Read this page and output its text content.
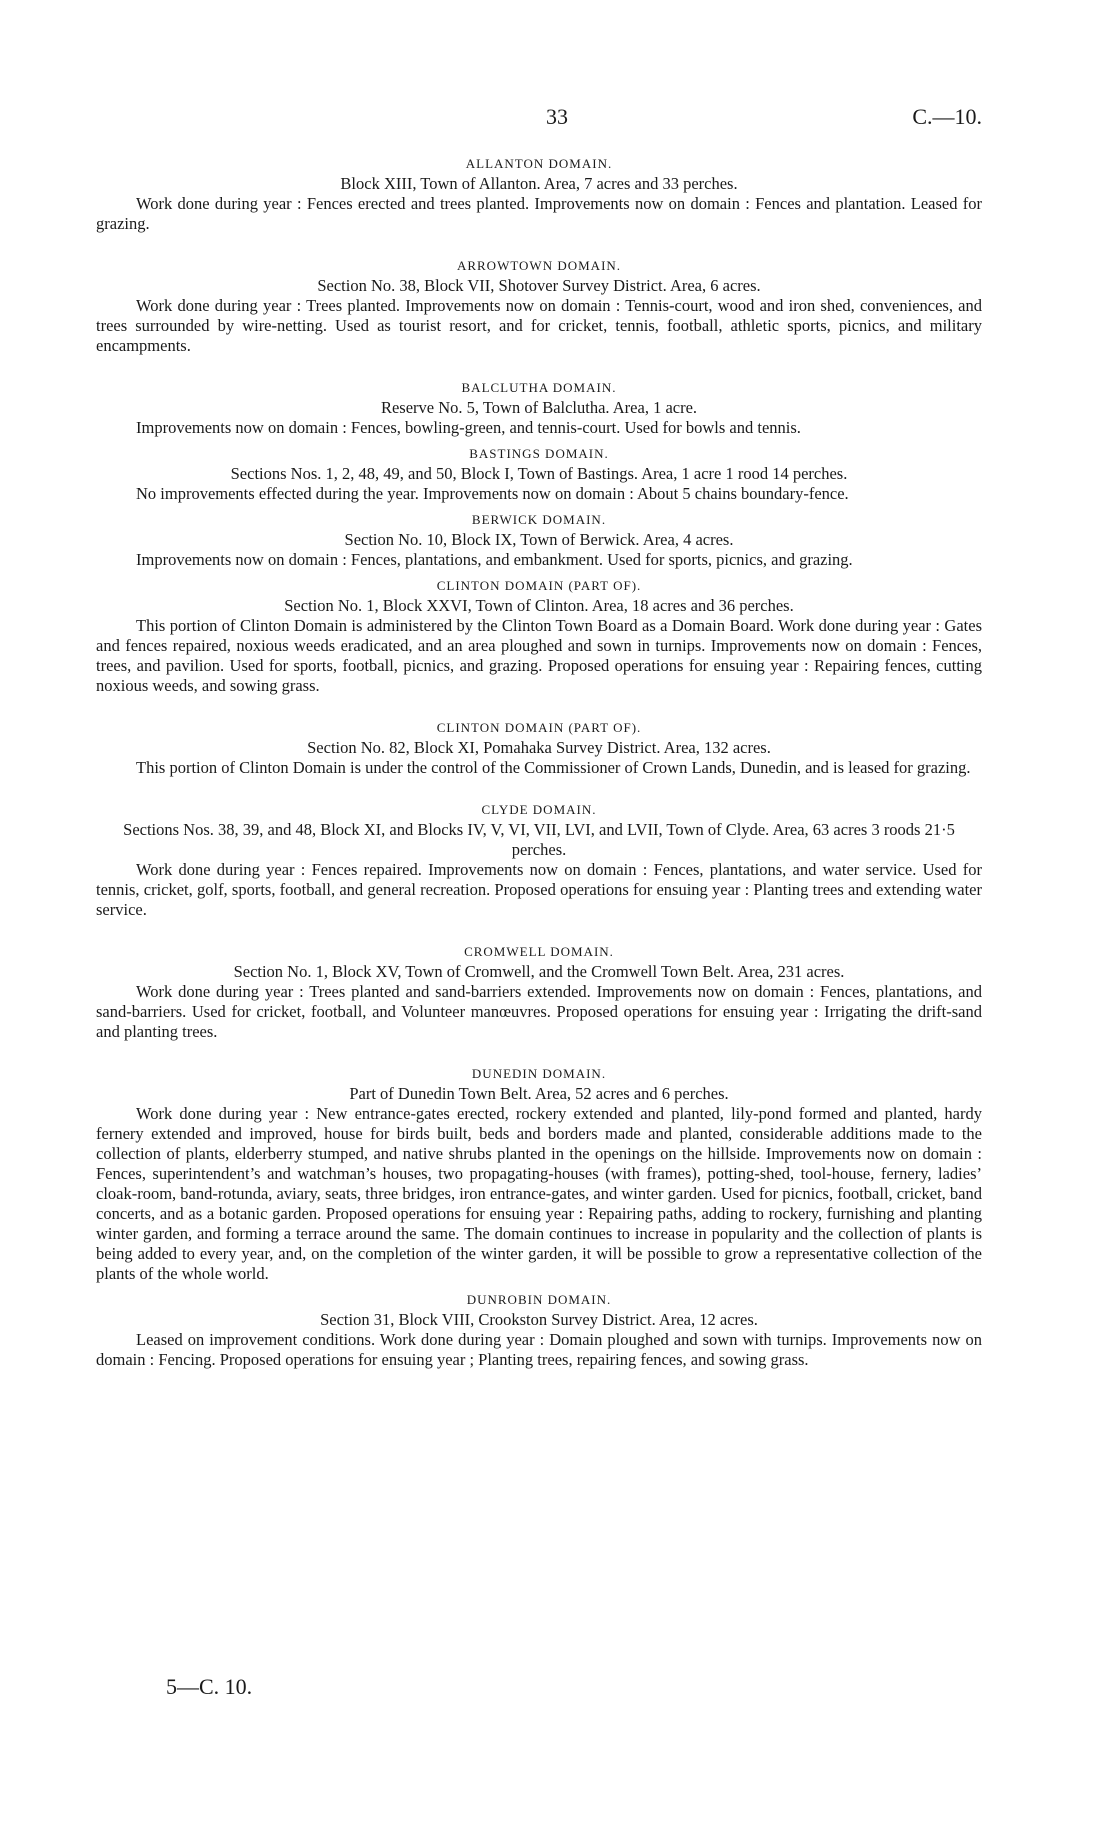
33	C.—10.

ALLANTON DOMAIN.

Block XIII, Town of Allanton. Area, 7 acres and 33 perches.

Work done during year : Fences erected and trees planted. Improvements now on domain : Fences and plantation. Leased for grazing.

ARROWTOWN DOMAIN.

Section No. 38, Block VII, Shotover Survey District. Area, 6 acres.

Work done during year : Trees planted. Improvements now on domain : Tennis-court, wood and iron shed, conveniences, and trees surrounded by wire-netting. Used as tourist resort, and for cricket, tennis, football, athletic sports, picnics, and military encampments.

BALCLUTHA DOMAIN.

Reserve No. 5, Town of Balclutha. Area, 1 acre.

Improvements now on domain : Fences, bowling-green, and tennis-court. Used for bowls and tennis.

BASTINGS DOMAIN.

Sections Nos. 1, 2, 48, 49, and 50, Block I, Town of Bastings. Area, 1 acre 1 rood 14 perches.

No improvements effected during the year. Improvements now on domain : About 5 chains boundary-fence.

BERWICK DOMAIN.

Section No. 10, Block IX, Town of Berwick. Area, 4 acres.

Improvements now on domain : Fences, plantations, and embankment. Used for sports, picnics, and grazing.

CLINTON DOMAIN (PART OF).

Section No. 1, Block XXVI, Town of Clinton. Area, 18 acres and 36 perches.

This portion of Clinton Domain is administered by the Clinton Town Board as a Domain Board. Work done during year : Gates and fences repaired, noxious weeds eradicated, and an area ploughed and sown in turnips. Improvements now on domain : Fences, trees, and pavilion. Used for sports, football, picnics, and grazing. Proposed operations for ensuing year : Repairing fences, cutting noxious weeds, and sowing grass.

CLINTON DOMAIN (PART OF).

Section No. 82, Block XI, Pomahaka Survey District. Area, 132 acres.

This portion of Clinton Domain is under the control of the Commissioner of Crown Lands, Dunedin, and is leased for grazing.

CLYDE DOMAIN.

Sections Nos. 38, 39, and 48, Block XI, and Blocks IV, V, VI, VII, LVI, and LVII, Town of Clyde. Area, 63 acres 3 roods 21·5 perches.

Work done during year : Fences repaired. Improvements now on domain : Fences, plantations, and water service. Used for tennis, cricket, golf, sports, football, and general recreation. Proposed operations for ensuing year : Planting trees and extending water service.

CROMWELL DOMAIN.

Section No. 1, Block XV, Town of Cromwell, and the Cromwell Town Belt. Area, 231 acres.

Work done during year : Trees planted and sand-barriers extended. Improvements now on domain : Fences, plantations, and sand-barriers. Used for cricket, football, and Volunteer manœuvres. Proposed operations for ensuing year : Irrigating the drift-sand and planting trees.

DUNEDIN DOMAIN.

Part of Dunedin Town Belt. Area, 52 acres and 6 perches.

Work done during year : New entrance-gates erected, rockery extended and planted, lily-pond formed and planted, hardy fernery extended and improved, house for birds built, beds and borders made and planted, considerable additions made to the collection of plants, elderberry stumped, and native shrubs planted in the openings on the hillside. Improvements now on domain : Fences, superintendent’s and watchman’s houses, two propagating-houses (with frames), potting-shed, tool-house, fernery, ladies’ cloak-room, band-rotunda, aviary, seats, three bridges, iron entrance-gates, and winter garden. Used for picnics, football, cricket, band concerts, and as a botanic garden. Proposed operations for ensuing year : Repairing paths, adding to rockery, furnishing and planting winter garden, and forming a terrace around the same. The domain continues to increase in popularity and the collection of plants is being added to every year, and, on the completion of the winter garden, it will be possible to grow a representative collection of the plants of the whole world.

DUNROBIN DOMAIN.

Section 31, Block VIII, Crookston Survey District. Area, 12 acres.

Leased on improvement conditions. Work done during year : Domain ploughed and sown with turnips. Improvements now on domain : Fencing. Proposed operations for ensuing year ; Planting trees, repairing fences, and sowing grass.

5—C. 10.
